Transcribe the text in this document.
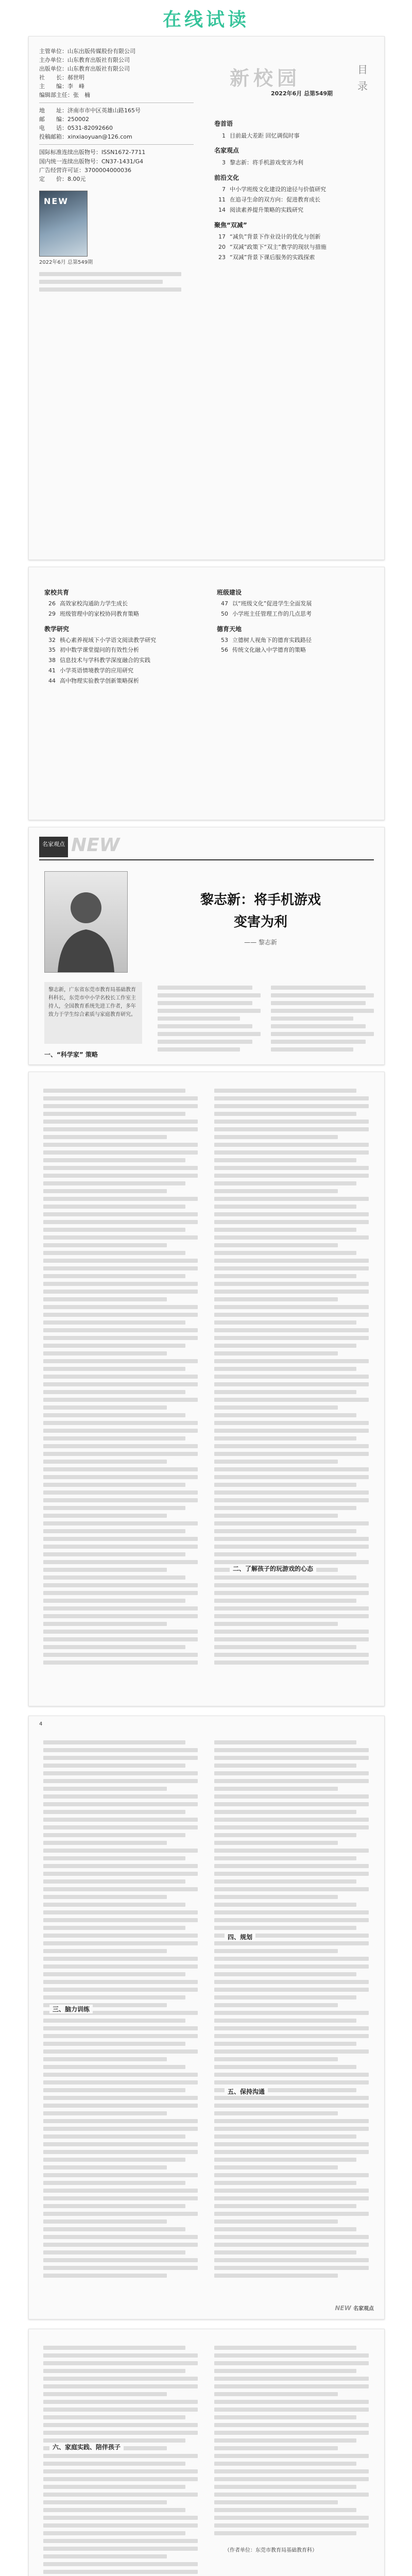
在线试读
主管单位：山东出版传媒股份有限公司
主办单位：山东教育出版社有限公司
出版单位：山东教育出版社有限公司
社　　长：郝世明
主　　编：李　峰
编辑部主任：张　楠
地　　址：济南市市中区英雄山路165号
邮　　编：250002
电　　话：0531-82092660
投稿邮箱：xinxiaoyuan@126.com
国际标准连续出版物号：ISSN1672-7711
国内统一连续出版物号：CN37-1431/G4
广告经营许可证：3700004000036
定　　价：8.00元
NEW
2022年6月 总第549期
新校园	目录
2022年6月 总第549期
卷首语
1 目前最大差距 回忆调侃时事
名家观点
3 黎志新：将手机游戏变害为利
前沿文化
7 中小学班级文化建设的途径与价值研究
11 在追寻生命的双方向：促进教育成长
14 阅读素养提升策略的实践研究
聚焦“双减”
17 “减负”背景下作业设计的优化与创新
20 “双减”政策下“双主”教学的现状与措施
23 “双减”背景下课后服务的实践探索
家校共育
26 高效家校沟通助力学生成长
29 班级管理中的家校协同教育策略
教学研究
32 核心素养视域下小学语文阅读教学研究
35 初中数学课堂提问的有效性分析
38 信息技术与学科教学深度融合的实践
41 小学英语情境教学的应用研究
44 高中物理实验教学创新策略探析
班级建设
47 以“班级文化”促进学生全面发展
50 小学班主任管理工作的几点思考
德育天地
53 立德树人视角下的德育实践路径
56 传统文化融入中学德育的策略
名家观点 NEW
黎志新：将手机游戏
变害为利
—— 黎志新
黎志新，广东省东莞市教育局基础教育科科长，东莞市中小学名校长工作室主持人，全国教育系统先进工作者，多年致力于学生综合素质与家庭教育研究。
一、“科学家” 策略
二、了解孩子的玩游戏的心态
4
三、脑力训练
四、规划
五、保持沟通
NEW 名家观点
六、家庭实践、陪伴孩子
（作者单位：东莞市教育局基础教育科）
